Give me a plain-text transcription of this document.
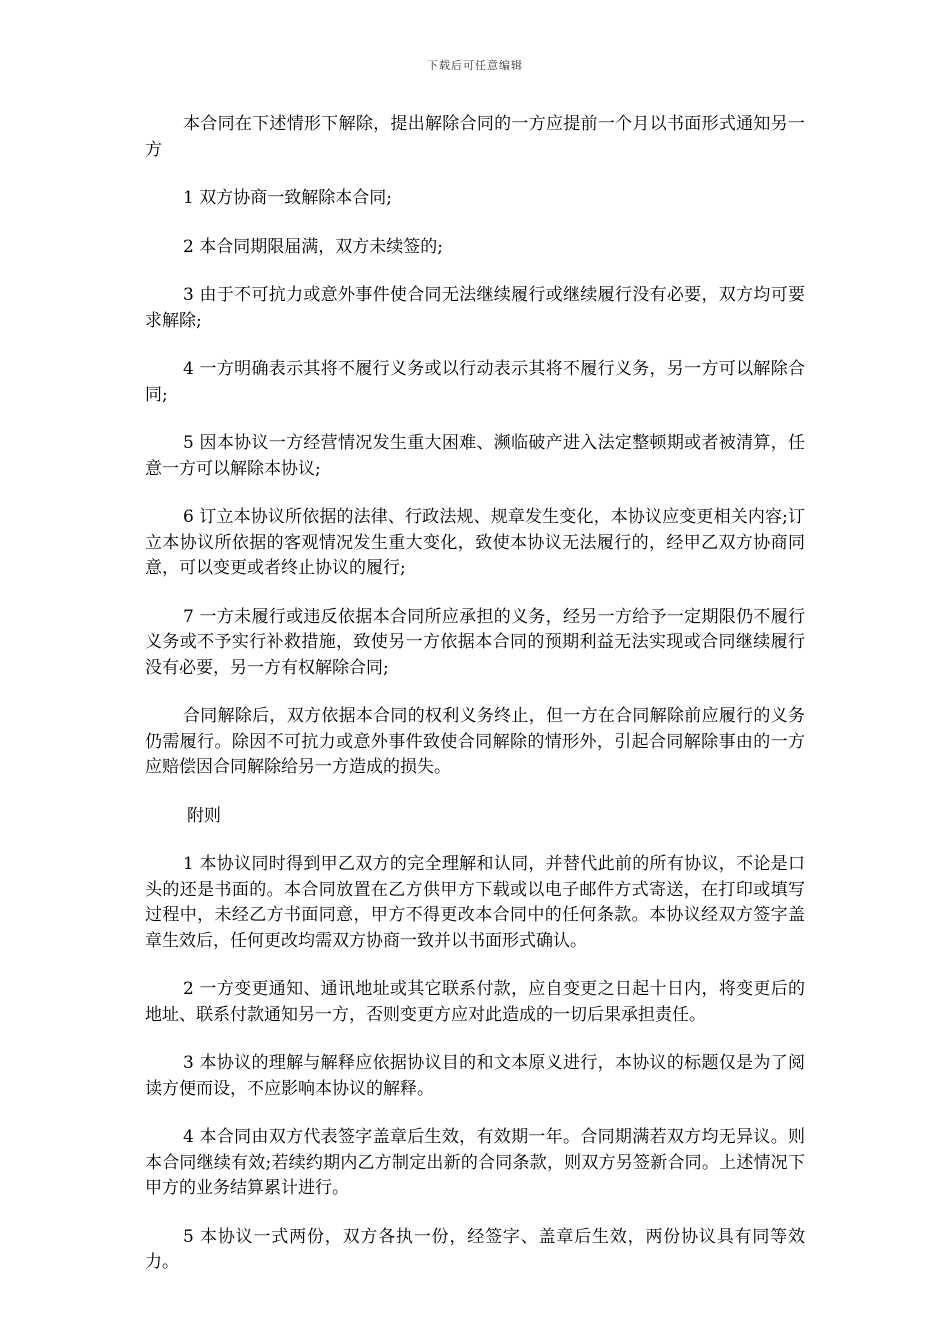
下载后可任意编辑

本合同在下述情形下解除，提出解除合同的一方应提前一个月以书面形式通知另一方

1 双方协商一致解除本合同;

2 本合同期限届满，双方未续签的;

3 由于不可抗力或意外事件使合同无法继续履行或继续履行没有必要，双方均可要求解除;

4 一方明确表示其将不履行义务或以行动表示其将不履行义务，另一方可以解除合同;

5 因本协议一方经营情况发生重大困难、濒临破产进入法定整顿期或者被清算，任意一方可以解除本协议;

6 订立本协议所依据的法律、行政法规、规章发生变化，本协议应变更相关内容;订立本协议所依据的客观情况发生重大变化，致使本协议无法履行的，经甲乙双方协商同意，可以变更或者终止协议的履行;

7 一方未履行或违反依据本合同所应承担的义务，经另一方给予一定期限仍不履行义务或不予实行补救措施，致使另一方依据本合同的预期利益无法实现或合同继续履行没有必要，另一方有权解除合同;

合同解除后，双方依据本合同的权利义务终止，但一方在合同解除前应履行的义务仍需履行。除因不可抗力或意外事件致使合同解除的情形外，引起合同解除事由的一方应赔偿因合同解除给另一方造成的损失。

附则

1 本协议同时得到甲乙双方的完全理解和认同，并替代此前的所有协议，不论是口头的还是书面的。本合同放置在乙方供甲方下载或以电子邮件方式寄送，在打印或填写过程中，未经乙方书面同意，甲方不得更改本合同中的任何条款。本协议经双方签字盖章生效后，任何更改均需双方协商一致并以书面形式确认。

2 一方变更通知、通讯地址或其它联系付款，应自变更之日起十日内，将变更后的地址、联系付款通知另一方，否则变更方应对此造成的一切后果承担责任。

3 本协议的理解与解释应依据协议目的和文本原义进行，本协议的标题仅是为了阅读方便而设，不应影响本协议的解释。

4 本合同由双方代表签字盖章后生效，有效期一年。合同期满若双方均无异议。则本合同继续有效;若续约期内乙方制定出新的合同条款，则双方另签新合同。上述情况下甲方的业务结算累计进行。

5 本协议一式两份，双方各执一份，经签字、盖章后生效，两份协议具有同等效力。
